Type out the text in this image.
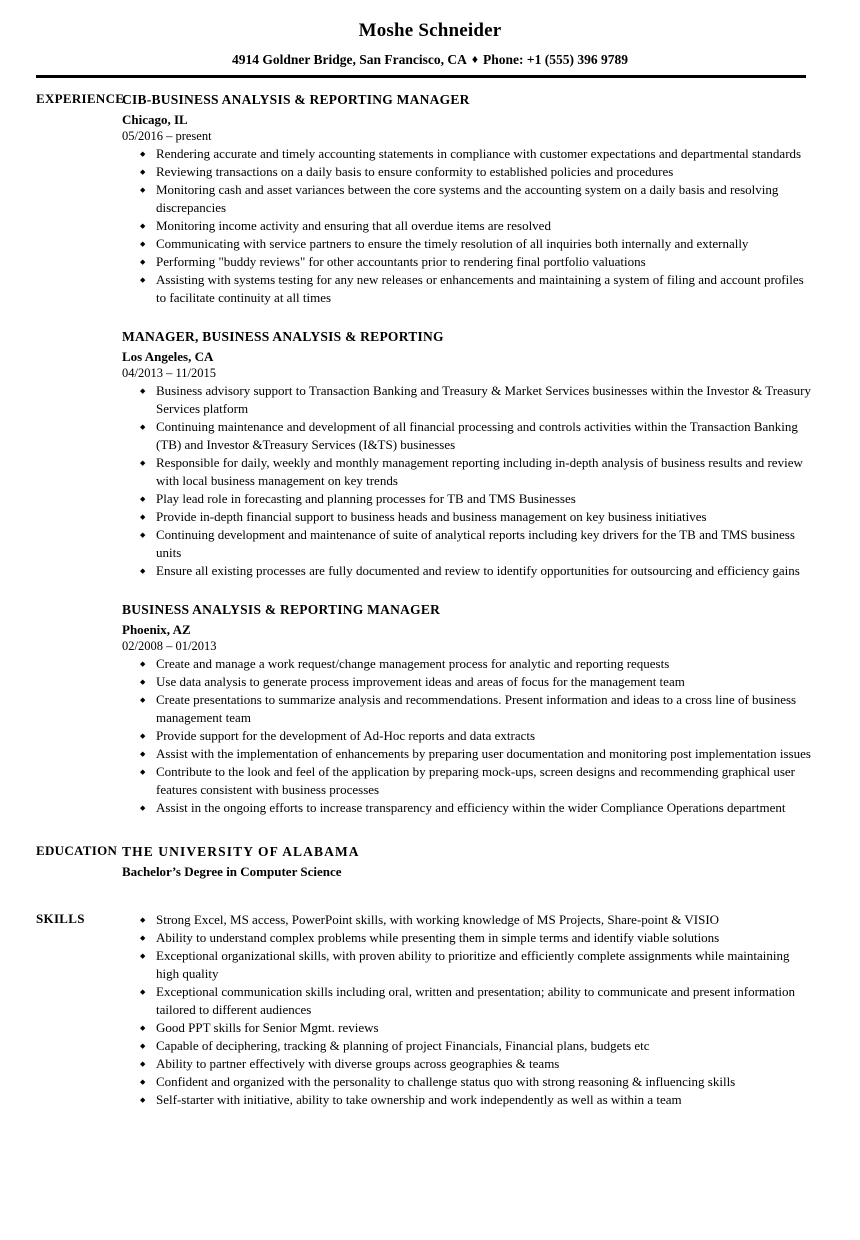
Moshe Schneider
4914 Goldner Bridge, San Francisco, CA ♦ Phone: +1 (555) 396 9789
EXPERIENCE
CIB-BUSINESS ANALYSIS & REPORTING MANAGER
Chicago, IL
05/2016 – present
◆ Rendering accurate and timely accounting statements in compliance with customer expectations and departmental standards
◆ Reviewing transactions on a daily basis to ensure conformity to established policies and procedures
◆ Monitoring cash and asset variances between the core systems and the accounting system on a daily basis and resolving discrepancies
◆ Monitoring income activity and ensuring that all overdue items are resolved
◆ Communicating with service partners to ensure the timely resolution of all inquiries both internally and externally
◆ Performing "buddy reviews" for other accountants prior to rendering final portfolio valuations
◆ Assisting with systems testing for any new releases or enhancements and maintaining a system of filing and account profiles to facilitate continuity at all times
MANAGER, BUSINESS ANALYSIS & REPORTING
Los Angeles, CA
04/2013 – 11/2015
◆ Business advisory support to Transaction Banking and Treasury & Market Services businesses within the Investor & Treasury Services platform
◆ Continuing maintenance and development of all financial processing and controls activities within the Transaction Banking (TB) and Investor &Treasury Services (I&TS) businesses
◆ Responsible for daily, weekly and monthly management reporting including in-depth analysis of business results and review with local business management on key trends
◆ Play lead role in forecasting and planning processes for TB and TMS Businesses
◆ Provide in-depth financial support to business heads and business management on key business initiatives
◆ Continuing development and maintenance of suite of analytical reports including key drivers for the TB and TMS business units
◆ Ensure all existing processes are fully documented and review to identify opportunities for outsourcing and efficiency gains
BUSINESS ANALYSIS & REPORTING MANAGER
Phoenix, AZ
02/2008 – 01/2013
◆ Create and manage a work request/change management process for analytic and reporting requests
◆ Use data analysis to generate process improvement ideas and areas of focus for the management team
◆ Create presentations to summarize analysis and recommendations. Present information and ideas to a cross line of business management team
◆ Provide support for the development of Ad-Hoc reports and data extracts
◆ Assist with the implementation of enhancements by preparing user documentation and monitoring post implementation issues
◆ Contribute to the look and feel of the application by preparing mock-ups, screen designs and recommending graphical user features consistent with business processes
◆ Assist in the ongoing efforts to increase transparency and efficiency within the wider Compliance Operations department
EDUCATION THE UNIVERSITY OF ALABAMA
Bachelor’s Degree in Computer Science
SKILLS	◆ Strong Excel, MS access, PowerPoint skills, with working knowledge of MS Projects, Share-point & VISIO
◆ Ability to understand complex problems while presenting them in simple terms and identify viable solutions
◆ Exceptional organizational skills, with proven ability to prioritize and efficiently complete assignments while maintaining high quality
◆ Exceptional communication skills including oral, written and presentation; ability to communicate and present information tailored to different audiences
◆ Good PPT skills for Senior Mgmt. reviews
◆ Capable of deciphering, tracking & planning of project Financials, Financial plans, budgets etc
◆ Ability to partner effectively with diverse groups across geographies & teams
◆ Confident and organized with the personality to challenge status quo with strong reasoning & influencing skills
◆ Self-starter with initiative, ability to take ownership and work independently as well as within a team
